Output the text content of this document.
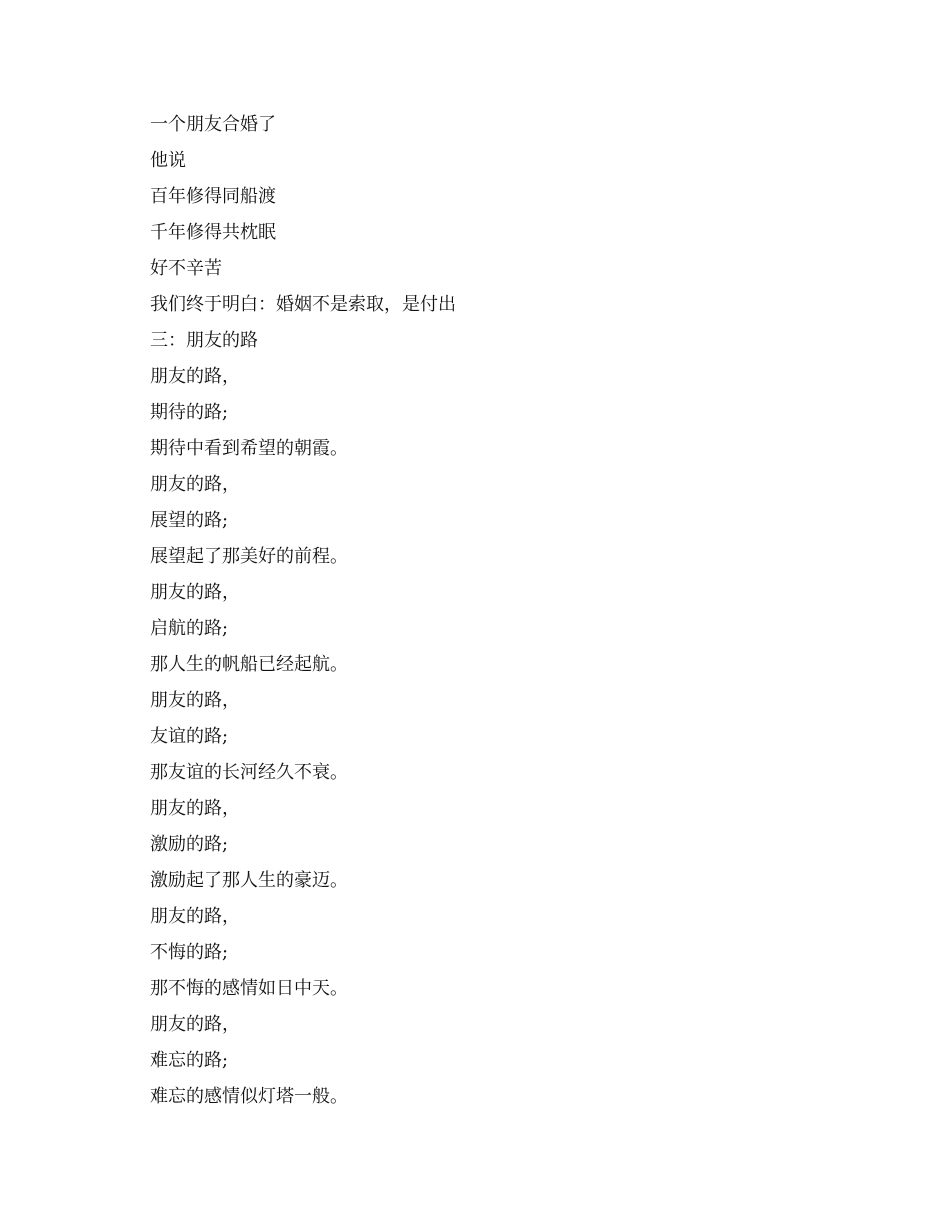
一个朋友合婚了
他说
百年修得同船渡
千年修得共枕眠
好不辛苦
我们终于明白：婚姻不是索取，是付出
三：朋友的路
朋友的路，
期待的路;
期待中看到希望的朝霞。
朋友的路，
展望的路;
展望起了那美好的前程。
朋友的路，
启航的路;
那人生的帆船已经起航。
朋友的路，
友谊的路;
那友谊的长河经久不衰。
朋友的路，
激励的路;
激励起了那人生的豪迈。
朋友的路，
不悔的路;
那不悔的感情如日中天。
朋友的路，
难忘的路;
难忘的感情似灯塔一般。
